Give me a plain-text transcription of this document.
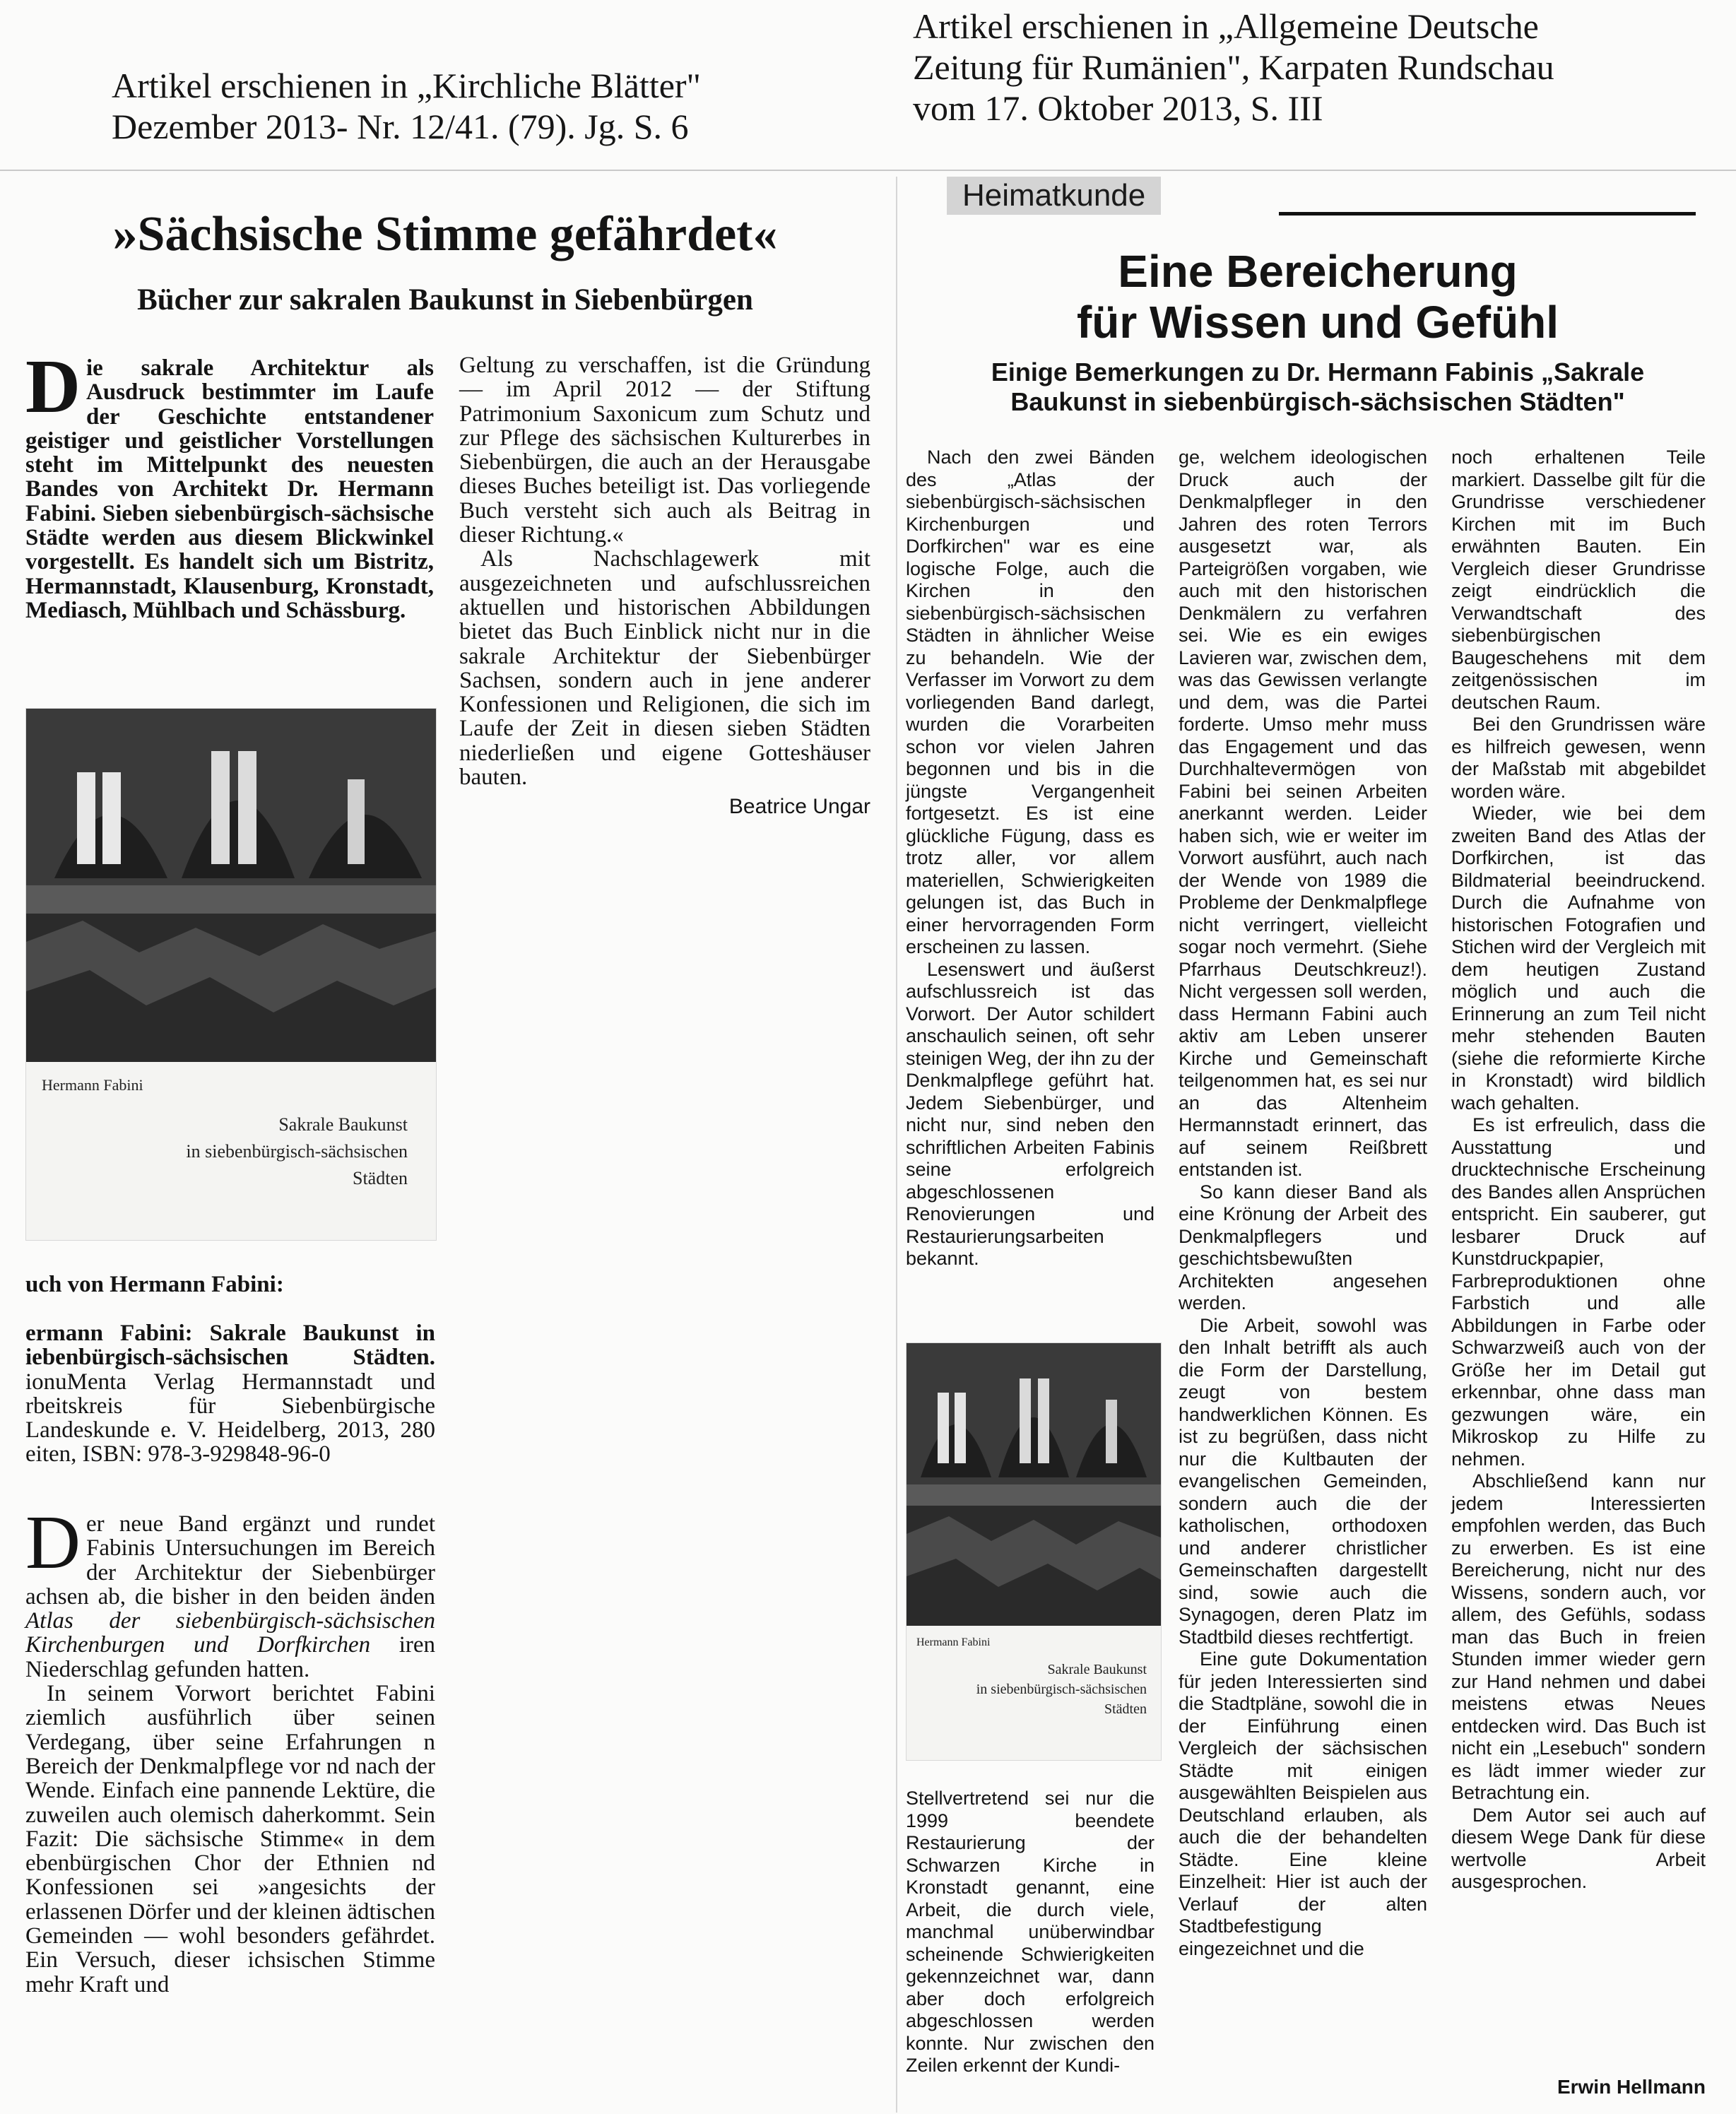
Artikel erschienen in „Kirchliche Blätter"

Dezember 2013- Nr. 12/41. (79). Jg. S. 6

Artikel erschienen in „Allgemeine Deutsche

Zeitung für Rumänien", Karpaten Rundschau

vom 17. Oktober 2013, S. III

»Sächsische Stimme gefährdet«
Bücher zur sakralen Baukunst in Siebenbürgen
Die sakrale Architektur als Ausdruck bestimmter im Laufe der Geschichte entstandener geistiger und geistlicher Vorstellungen steht im Mittelpunkt des neuesten Bandes von Architekt Dr. Hermann Fabini. Sieben siebenbürgisch-sächsische Städte werden aus diesem Blickwinkel vorgestellt. Es handelt sich um Bistritz, Hermannstadt, Klausenburg, Kronstadt, Mediasch, Mühlbach und Schässburg.
Hermann Fabini
Sakrale Baukunst
in siebenbürgisch-sächsischen
Städten
uch von Hermann Fabini:
ermann Fabini: Sakrale Baukunst in iebenbürgisch-sächsischen Städten. ionuMenta Verlag Hermannstadt und rbeitskreis für Siebenbürgische Landeskunde e. V. Heidelberg, 2013, 280 eiten, ISBN: 978-3-929848-96-0

Der neue Band ergänzt und rundet Fabinis Untersuchungen im Bereich der Architektur der Siebenbürger achsen ab, die bisher in den beiden änden Atlas der siebenbürgisch-sächsischen Kirchenburgen und Dorfkirchen iren Niederschlag gefunden hatten.

In seinem Vorwort berichtet Fabini ziemlich ausführlich über seinen Verdegang, über seine Erfahrungen n Bereich der Denkmalpflege vor nd nach der Wende. Einfach eine pannende Lektüre, die zuweilen auch olemisch daherkommt. Sein Fazit: Die sächsische Stimme« in dem ebenbürgischen Chor der Ethnien nd Konfessionen sei »angesichts der erlassenen Dörfer und der kleinen ädtischen Gemeinden — wohl besonders gefährdet. Ein Versuch, dieser ichsischen Stimme mehr Kraft und

Geltung zu verschaffen, ist die Gründung — im April 2012 — der Stiftung Patrimonium Saxonicum zum Schutz und zur Pflege des sächsischen Kulturerbes in Siebenbürgen, die auch an der Herausgabe dieses Buches beteiligt ist. Das vorliegende Buch versteht sich auch als Beitrag in dieser Richtung.«

Als Nachschlagewerk mit ausgezeichneten und aufschlussreichen aktuellen und historischen Abbildungen bietet das Buch Einblick nicht nur in die sakrale Architektur der Siebenbürger Sachsen, sondern auch in jene anderer Konfessionen und Religionen, die sich im Laufe der Zeit in diesen sieben Städten niederließen und eigene Gotteshäuser bauten.

Beatrice Ungar
Heimatkunde
Eine Bereicherung
für Wissen und Gefühl
Einige Bemerkungen zu Dr. Hermann Fabinis „Sakrale
Baukunst in siebenbürgisch-sächsischen Städten"

Nach den zwei Bänden des „Atlas der siebenbürgisch-sächsischen Kirchenburgen und Dorfkirchen" war es eine logische Folge, auch die Kirchen in den siebenbürgisch-sächsischen Städten in ähnlicher Weise zu behandeln. Wie der Verfasser im Vorwort zu dem vorliegenden Band darlegt, wurden die Vorarbeiten schon vor vielen Jahren begonnen und bis in die jüngste Vergangenheit fortgesetzt. Es ist eine glückliche Fügung, dass es trotz aller, vor allem materiellen, Schwierigkeiten gelungen ist, das Buch in einer hervorragenden Form erscheinen zu lassen.

Lesenswert und äußerst aufschlussreich ist das Vorwort. Der Autor schildert anschaulich seinen, oft sehr steinigen Weg, der ihn zu der Denkmalpflege geführt hat. Jedem Siebenbürger, und nicht nur, sind neben den schriftlichen Arbeiten Fabinis seine erfolgreich abgeschlossenen Renovierungen und Restaurierungsarbeiten bekannt.

Hermann Fabini
Sakrale Baukunst
in siebenbürgisch-sächsischen
Städten

Stellvertretend sei nur die 1999 beendete Restaurierung der Schwarzen Kirche in Kronstadt genannt, eine Arbeit, die durch viele, manchmal unüberwindbar scheinende Schwierigkeiten gekennzeichnet war, dann aber doch erfolgreich abgeschlossen werden konnte. Nur zwischen den Zeilen erkennt der Kundi-

ge, welchem ideologischen Druck auch der Denkmalpfleger in den Jahren des roten Terrors ausgesetzt war, als Parteigrößen vorgaben, wie auch mit den historischen Denkmälern zu verfahren sei. Wie es ein ewiges Lavieren war, zwischen dem, was das Gewissen verlangte und dem, was die Partei forderte. Umso mehr muss das Engagement und das Durchhaltevermögen von Fabini bei seinen Arbeiten anerkannt werden. Leider haben sich, wie er weiter im Vorwort ausführt, auch nach der Wende von 1989 die Probleme der Denkmalpflege nicht verringert, vielleicht sogar noch vermehrt. (Siehe Pfarrhaus Deutschkreuz!). Nicht vergessen soll werden, dass Hermann Fabini auch aktiv am Leben unserer Kirche und Gemeinschaft teilgenommen hat, es sei nur an das Altenheim Hermannstadt erinnert, das auf seinem Reißbrett entstanden ist.

So kann dieser Band als eine Krönung der Arbeit des Denkmalpflegers und geschichtsbewußten Architekten angesehen werden.

Die Arbeit, sowohl was den Inhalt betrifft als auch die Form der Darstellung, zeugt von bestem handwerklichen Können. Es ist zu begrüßen, dass nicht nur die Kultbauten der evangelischen Gemeinden, sondern auch die der katholischen, orthodoxen und anderer christlicher Gemeinschaften dargestellt sind, sowie auch die Synagogen, deren Platz im Stadtbild dieses rechtfertigt.

Eine gute Dokumentation für jeden Interessierten sind die Stadtpläne, sowohl die in der Einführung einen Vergleich der sächsischen Städte mit einigen ausgewählten Beispielen aus Deutschland erlauben, als auch die der behandelten Städte. Eine kleine Einzelheit: Hier ist auch der Verlauf der alten Stadtbefestigung eingezeichnet und die

noch erhaltenen Teile markiert. Dasselbe gilt für die Grundrisse verschiedener Kirchen mit im Buch erwähnten Bauten. Ein Vergleich dieser Grundrisse zeigt eindrücklich die Verwandtschaft des siebenbürgischen Baugeschehens mit dem zeitgenössischen im deutschen Raum.

Bei den Grundrissen wäre es hilfreich gewesen, wenn der Maßstab mit abgebildet worden wäre.

Wieder, wie bei dem zweiten Band des Atlas der Dorfkirchen, ist das Bildmaterial beeindruckend. Durch die Aufnahme von historischen Fotografien und Stichen wird der Vergleich mit dem heutigen Zustand möglich und auch die Erinnerung an zum Teil nicht mehr stehenden Bauten (siehe die reformierte Kirche in Kronstadt) wird bildlich wach gehalten.

Es ist erfreulich, dass die Ausstattung und drucktechnische Erscheinung des Bandes allen Ansprüchen entspricht. Ein sauberer, gut lesbarer Druck auf Kunstdruckpapier, Farbreproduktionen ohne Farbstich und alle Abbildungen in Farbe oder Schwarzweiß auch von der Größe her im Detail gut erkennbar, ohne dass man gezwungen wäre, ein Mikroskop zu Hilfe zu nehmen.

Abschließend kann nur jedem Interessierten empfohlen werden, das Buch zu erwerben. Es ist eine Bereicherung, nicht nur des Wissens, sondern auch, vor allem, des Gefühls, sodass man das Buch in freien Stunden immer wieder gern zur Hand nehmen und dabei meistens etwas Neues entdecken wird. Das Buch ist nicht ein „Lesebuch" sondern es lädt immer wieder zur Betrachtung ein.

Dem Autor sei auch auf diesem Wege Dank für diese wertvolle Arbeit ausgesprochen.

Erwin Hellmann
